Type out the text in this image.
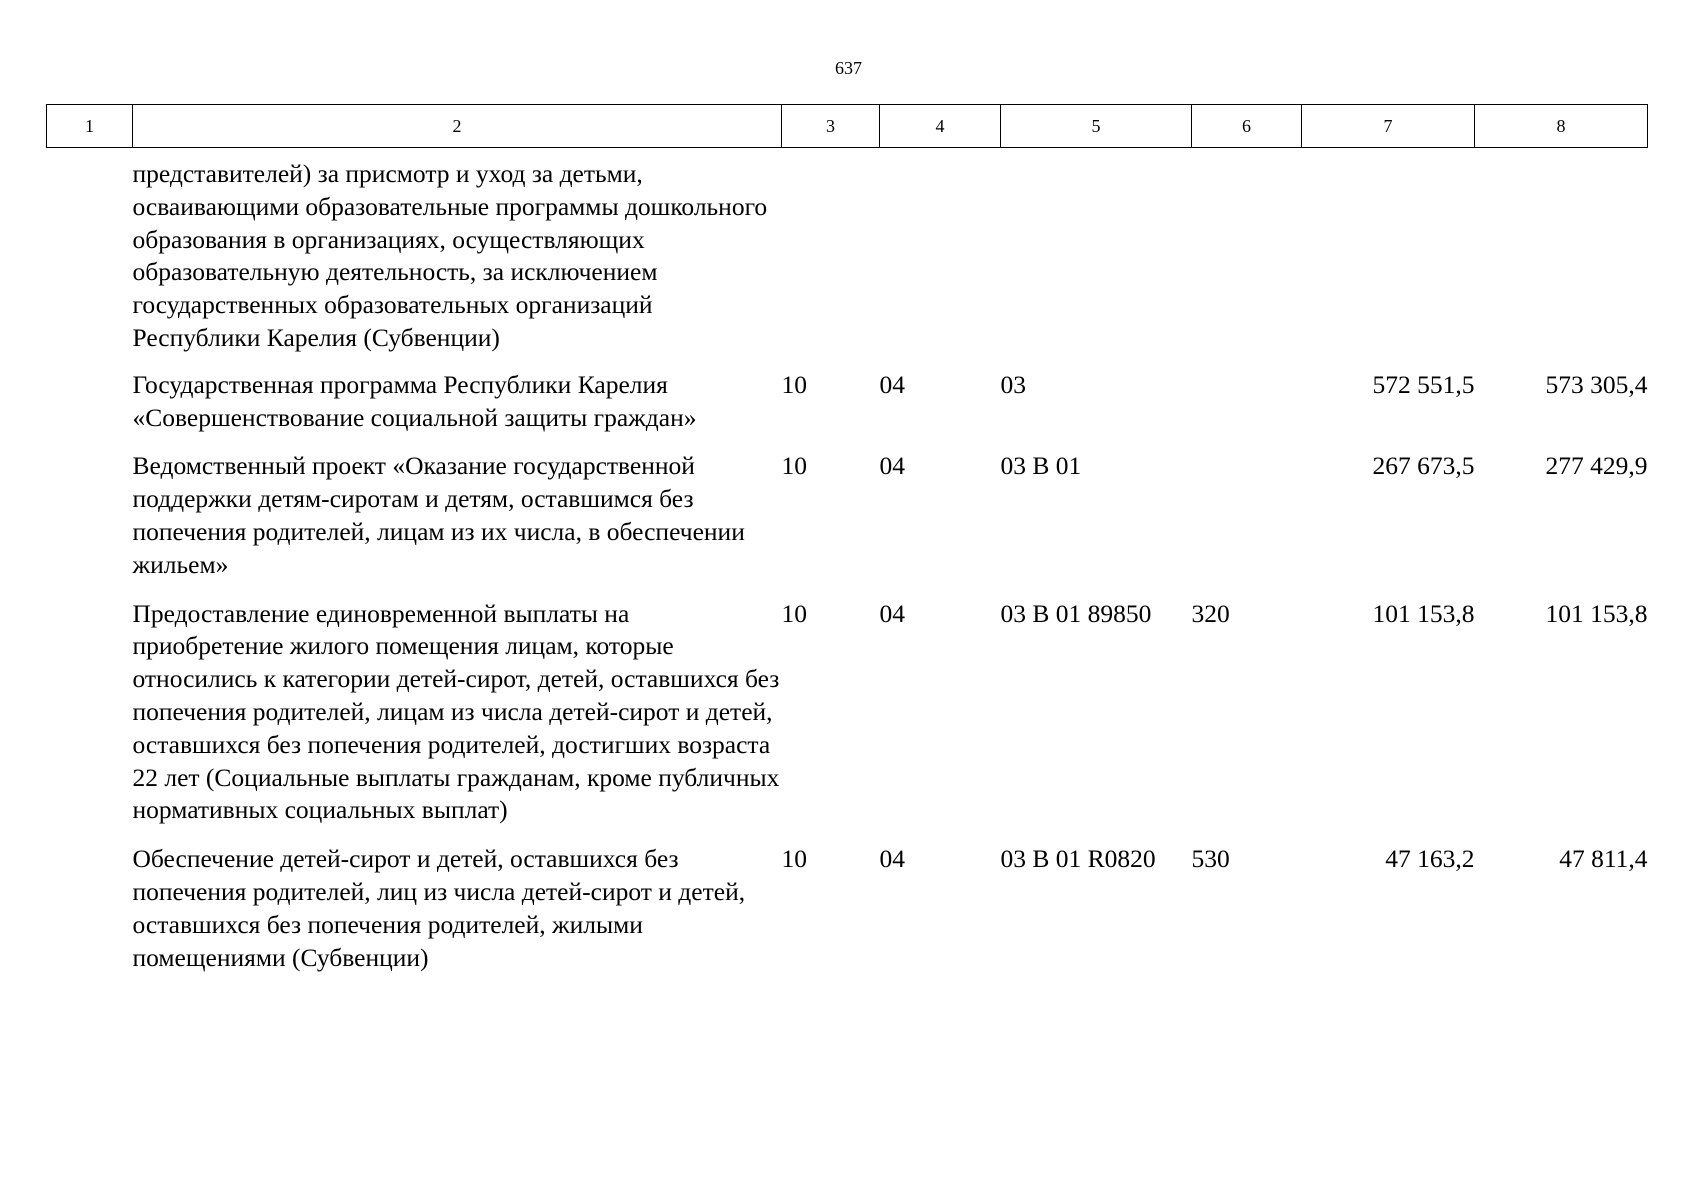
637
1	2	3	4	5	6	7	8
	представителей) за присмотр и уход за детьми, осваивающими образовательные программы дошкольного образования в организациях, осуществляющих образовательную деятельность, за исключением государственных образовательных организаций Республики Карелия (Субвенции)						
	Государственная программа Республики Карелия «Совершенствование социальной защиты граждан»	10	04	03		572 551,5	573 305,4
	Ведомственный проект «Оказание государственной поддержки детям-сиротам и детям, оставшимся без попечения родителей, лицам из их числа, в обеспечении жильем»	10	04	03 В 01		267 673,5	277 429,9
	Предоставление единовременной выплаты на приобретение жилого помещения лицам, которые относились к категории детей-сирот, детей, оставшихся без попечения родителей, лицам из числа детей-сирот и детей, оставшихся без попечения родителей, достигших возраста 22 лет (Социальные выплаты гражданам, кроме публичных нормативных социальных выплат)	10	04	03 В 01 89850	320	101 153,8	101 153,8
	Обеспечение детей-сирот и детей, оставшихся без попечения родителей, лиц из числа детей-сирот и детей, оставшихся без попечения родителей, жилыми помещениями (Субвенции)	10	04	03 В 01 R0820	530	47 163,2	47 811,4
